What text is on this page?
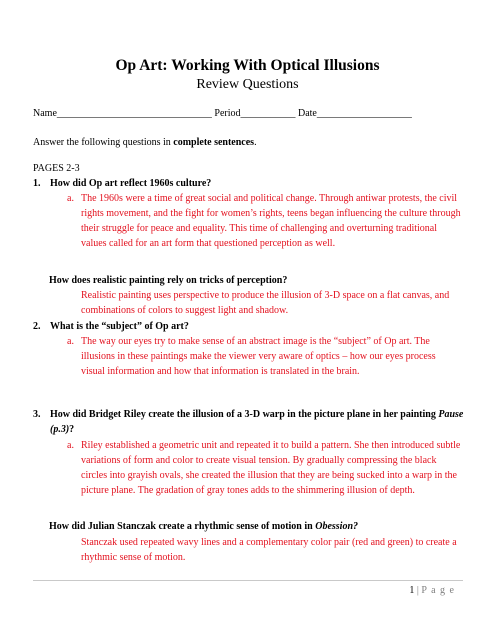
Op Art: Working With Optical Illusions
Review Questions
Name_______________________________ Period___________ Date___________________
Answer the following questions in complete sentences.
PAGES 2-3
1. How did Op art reflect 1960s culture?
a. The 1960s were a time of great social and political change. Through antiwar protests, the civil rights movement, and the fight for women’s rights, teens began influencing the culture through their struggle for peace and equality. This time of challenging and overturning traditional values called for an art form that questioned perception as well.
How does realistic painting rely on tricks of perception?
Realistic painting uses perspective to produce the illusion of 3-D space on a flat canvas, and combinations of colors to suggest light and shadow.
2. What is the “subject” of Op art?
a. The way our eyes try to make sense of an abstract image is the “subject” of Op art. The illusions in these paintings make the viewer very aware of optics – how our eyes process visual information and how that information is translated in the brain.
3. How did Bridget Riley create the illusion of a 3-D warp in the picture plane in her painting Pause (p.3)?
a. Riley established a geometric unit and repeated it to build a pattern. She then introduced subtle variations of form and color to create visual tension. By gradually compressing the black circles into grayish ovals, she created the illusion that they are being sucked into a warp in the picture plane. The gradation of gray tones adds to the shimmering illusion of depth.
How did Julian Stanczak create a rhythmic sense of motion in Obession?
Stanczak used repeated wavy lines and a complementary color pair (red and green) to create a rhythmic sense of motion.
1 | P a g e
